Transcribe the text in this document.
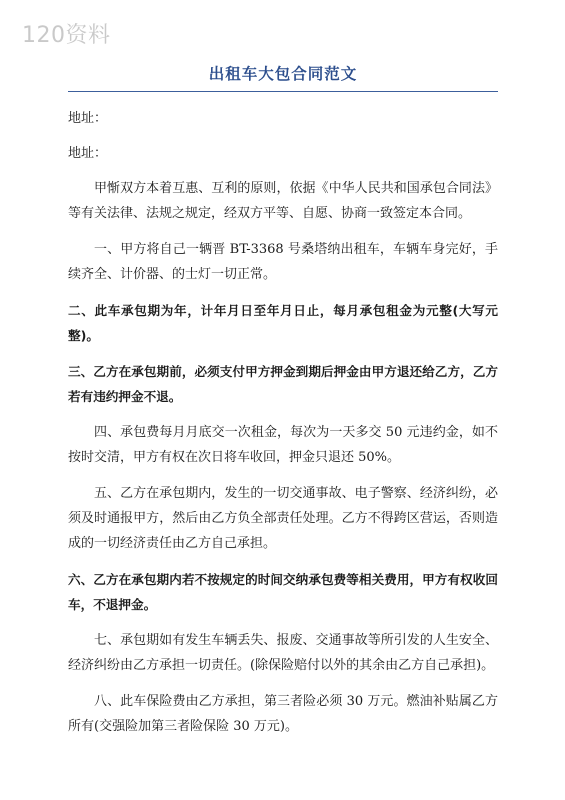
120资料
出租车大包合同范文

地址：

地址：

甲惭双方本着互惠、互利的原则，依据《中华人民共和国承包合同法》等有关法律、法规之规定，经双方平等、自愿、协商一致签定本合同。

一、甲方将自己一辆晋 BT-3368 号桑塔纳出租车，车辆车身完好，手续齐全、计价器、的士灯一切正常。

二、此车承包期为年，计年月日至年月日止，每月承包租金为元整(大写元整)。

三、乙方在承包期前，必须支付甲方押金到期后押金由甲方退还给乙方，乙方若有违约押金不退。

四、承包费每月月底交一次租金，每次为一天多交 50 元违约金，如不按时交清，甲方有权在次日将车收回，押金只退还 50%。

五、乙方在承包期内，发生的一切交通事故、电子警察、经济纠纷，必须及时通报甲方，然后由乙方负全部责任处理。乙方不得跨区营运，否则造成的一切经济责任由乙方自己承担。

六、乙方在承包期内若不按规定的时间交纳承包费等相关费用，甲方有权收回车，不退押金。

七、承包期如有发生车辆丢失、报废、交通事故等所引发的人生安全、经济纠纷由乙方承担一切责任。(除保险赔付以外的其余由乙方自己承担)。

八、此车保险费由乙方承担，第三者险必须 30 万元。燃油补贴属乙方所有(交强险加第三者险保险 30 万元)。
